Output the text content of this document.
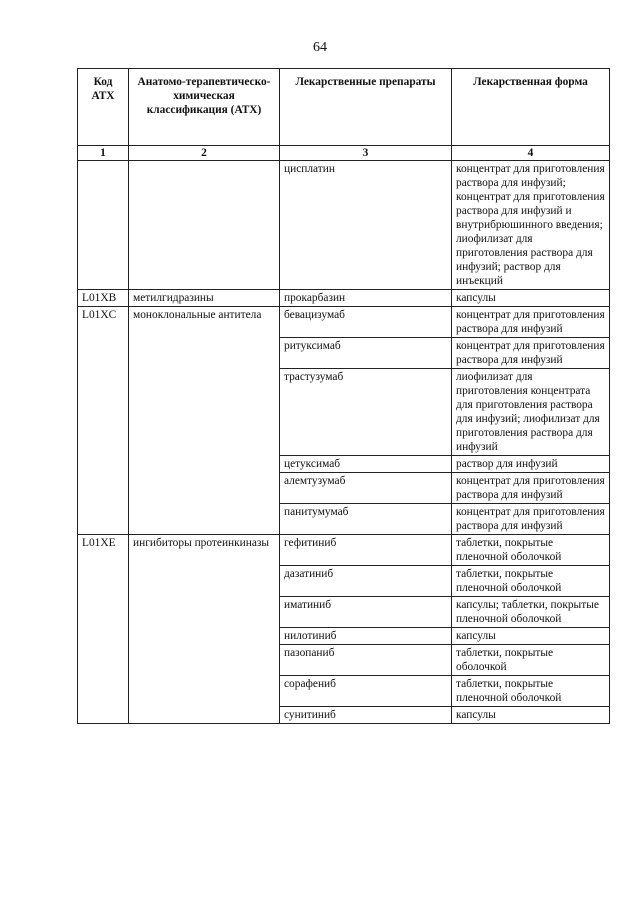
64
Код АТХ	Анатомо-терапевтическо-химическая классификация (АТХ)	Лекарственные препараты	Лекарственная форма
1	2	3	4
		цисплатин	концентрат для приготовления раствора для инфузий; концентрат для приготовления раствора для инфузий и внутрибрюшинного введения; лиофилизат для приготовления раствора для инфузий; раствор для инъекций
L01XB	метилгидразины	прокарбазин	капсулы
L01XC	моноклональные антитела	бевацизумаб	концентрат для приготовления раствора для инфузий
		ритуксимаб	концентрат для приготовления раствора для инфузий
		трастузумаб	лиофилизат для приготовления концентрата для приготовления раствора для инфузий; лиофилизат для приготовления раствора для инфузий
		цетуксимаб	раствор для инфузий
		алемтузумаб	концентрат для приготовления раствора для инфузий
		панитумумаб	концентрат для приготовления раствора для инфузий
L01XE	ингибиторы протеинкиназы	гефитиниб	таблетки, покрытые пленочной оболочкой
		дазатиниб	таблетки, покрытые пленочной оболочкой
		иматиниб	капсулы; таблетки, покрытые пленочной оболочкой
		нилотиниб	капсулы
		пазопаниб	таблетки, покрытые оболочкой
		сорафениб	таблетки, покрытые пленочной оболочкой
		сунитиниб	капсулы
